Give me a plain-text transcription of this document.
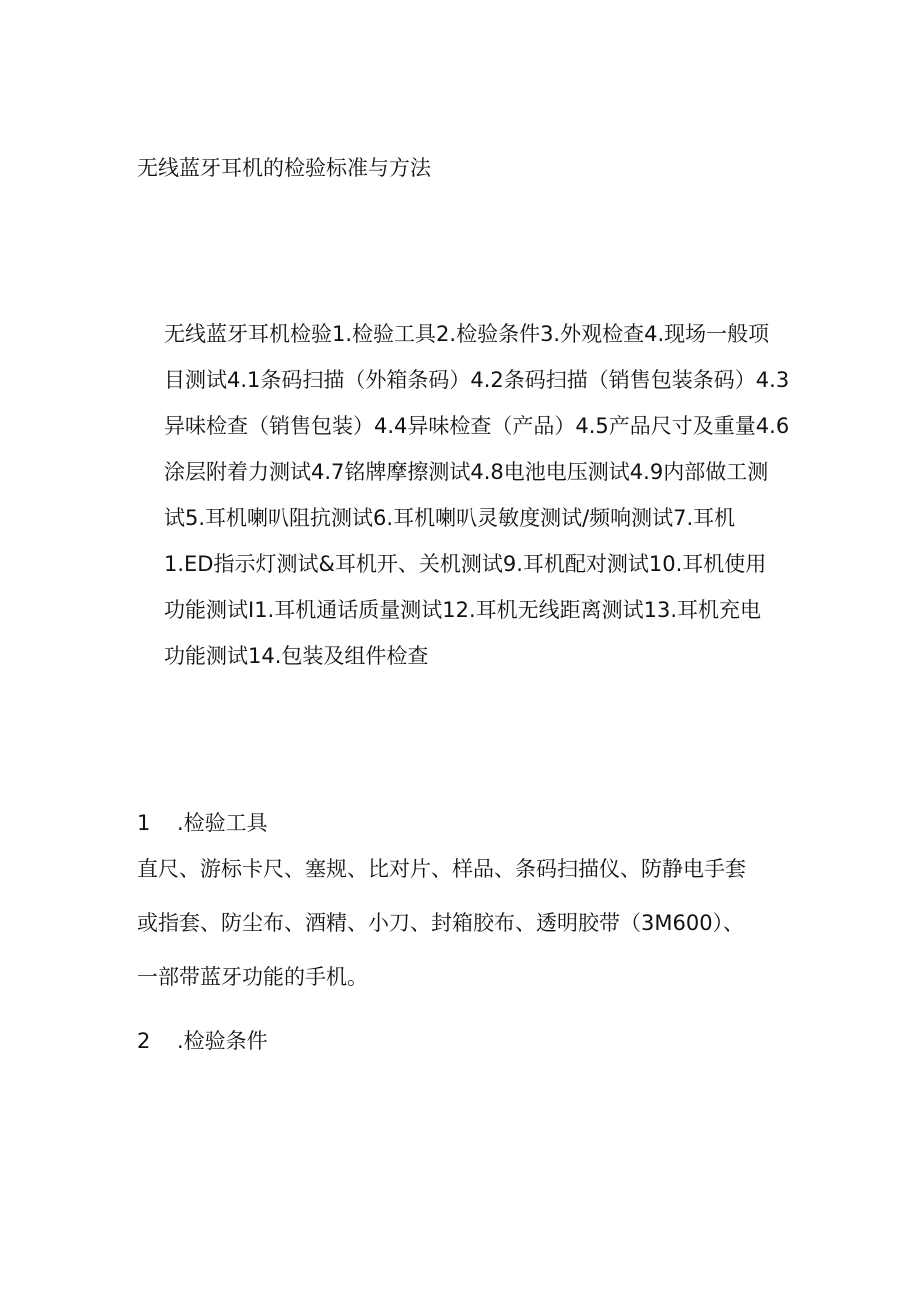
无线蓝牙耳机的检验标准与方法
无线蓝牙耳机检验1.检验工具2.检验条件3.外观检查4.现场一般项
目测试4.1条码扫描（外箱条码）4.2条码扫描（销售包装条码）4.3
异味检查（销售包装）4.4异味检查（产品）4.5产品尺寸及重量4.6
涂层附着力测试4.7铭牌摩擦测试4.8电池电压测试4.9内部做工测
试5.耳机喇叭阻抗测试6.耳机喇叭灵敏度测试/频响测试7.耳机
1.ED指示灯测试&耳机开、关机测试9.耳机配对测试10.耳机使用
功能测试I1.耳机通话质量测试12.耳机无线距离测试13.耳机充电
功能测试14.包装及组件检查
1 .检验工具
直尺、游标卡尺、塞规、比对片、样品、条码扫描仪、防静电手套
或指套、防尘布、酒精、小刀、封箱胶布、透明胶带（3M600）、
一部带蓝牙功能的手机。
2 .检验条件
